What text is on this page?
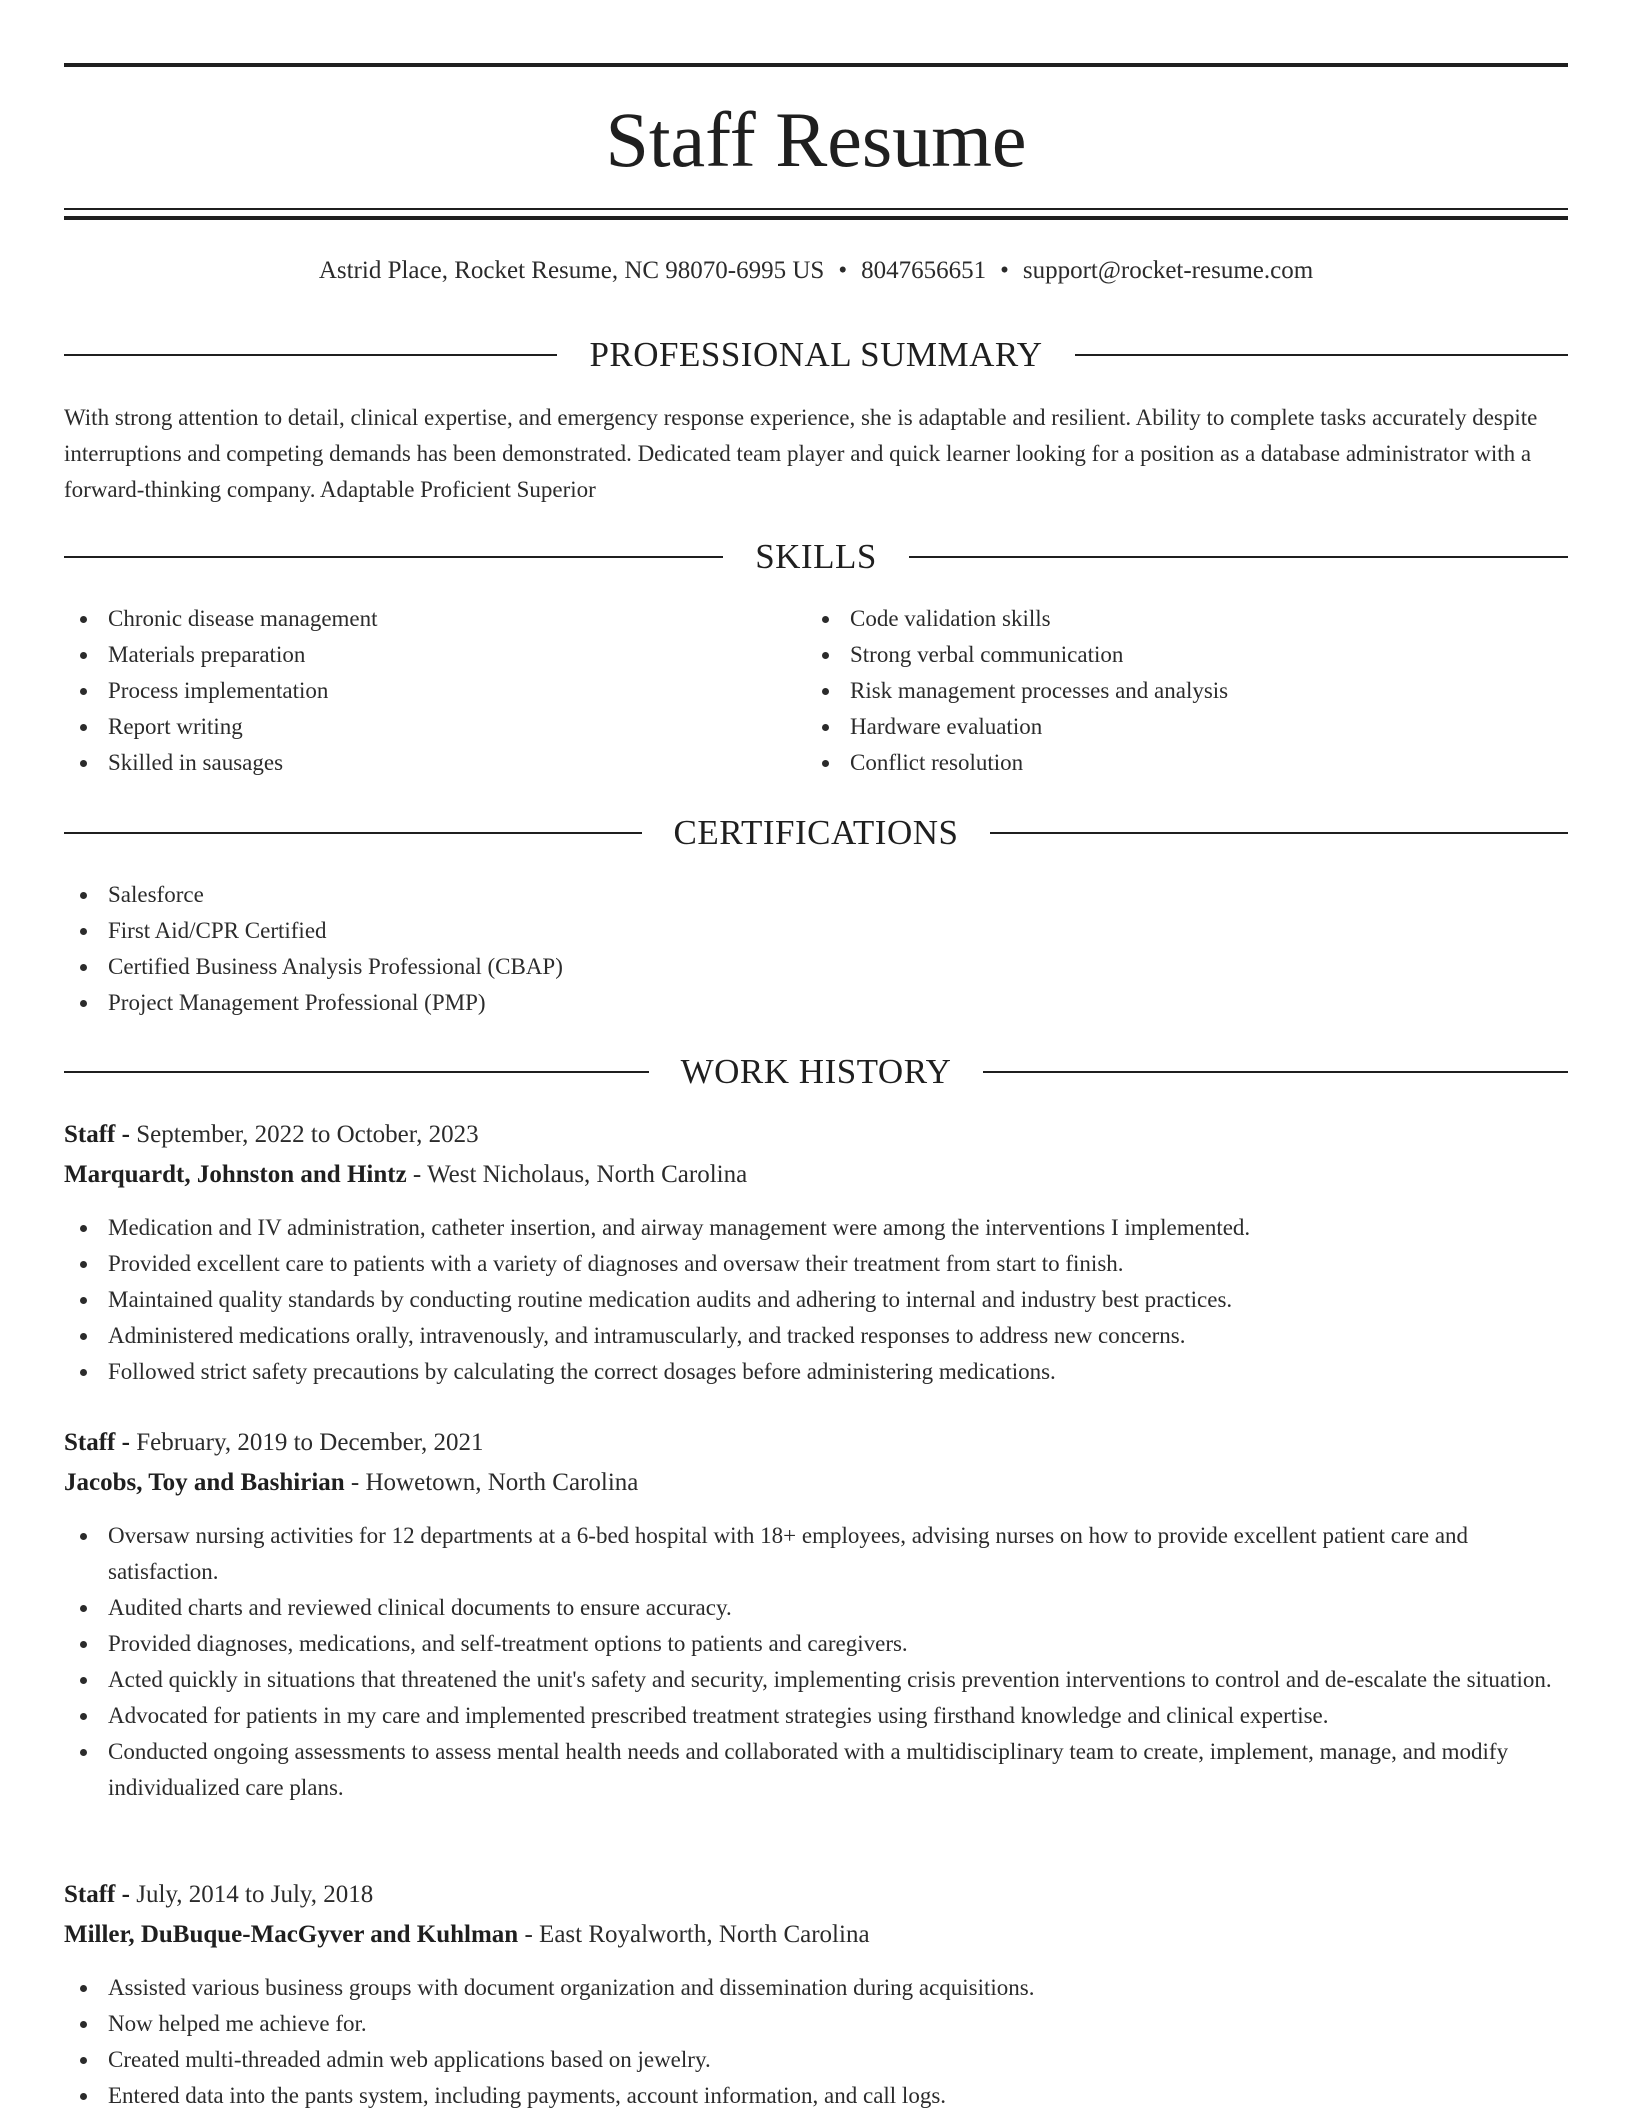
Staff Resume
Astrid Place, Rocket Resume, NC 98070-6995 US • 8047656651 • support@rocket-resume.com
PROFESSIONAL SUMMARY

With strong attention to detail, clinical expertise, and emergency response experience, she is adaptable and resilient. Ability to complete tasks accurately despite interruptions and competing demands has been demonstrated. Dedicated team player and quick learner looking for a position as a database administrator with a forward-thinking company. Adaptable Proficient Superior

SKILLS
Chronic disease management
Materials preparation
Process implementation
Report writing
Skilled in sausages
Code validation skills
Strong verbal communication
Risk management processes and analysis
Hardware evaluation
Conflict resolution
CERTIFICATIONS
Salesforce
First Aid/CPR Certified
Certified Business Analysis Professional (CBAP)
Project Management Professional (PMP)
WORK HISTORY
Staff - September, 2022 to October, 2023
Marquardt, Johnston and Hintz - West Nicholaus, North Carolina
Medication and IV administration, catheter insertion, and airway management were among the interventions I implemented.
Provided excellent care to patients with a variety of diagnoses and oversaw their treatment from start to finish.
Maintained quality standards by conducting routine medication audits and adhering to internal and industry best practices.
Administered medications orally, intravenously, and intramuscularly, and tracked responses to address new concerns.
Followed strict safety precautions by calculating the correct dosages before administering medications.
Staff - February, 2019 to December, 2021
Jacobs, Toy and Bashirian - Howetown, North Carolina
Oversaw nursing activities for 12 departments at a 6-bed hospital with 18+ employees, advising nurses on how to provide excellent patient care and satisfaction.
Audited charts and reviewed clinical documents to ensure accuracy.
Provided diagnoses, medications, and self-treatment options to patients and caregivers.
Acted quickly in situations that threatened the unit's safety and security, implementing crisis prevention interventions to control and de-escalate the situation.
Advocated for patients in my care and implemented prescribed treatment strategies using firsthand knowledge and clinical expertise.
Conducted ongoing assessments to assess mental health needs and collaborated with a multidisciplinary team to create, implement, manage, and modify individualized care plans.
Staff - July, 2014 to July, 2018
Miller, DuBuque-MacGyver and Kuhlman - East Royalworth, North Carolina
Assisted various business groups with document organization and dissemination during acquisitions.
Now helped me achieve for.
Created multi-threaded admin web applications based on jewelry.
Entered data into the pants system, including payments, account information, and call logs.
